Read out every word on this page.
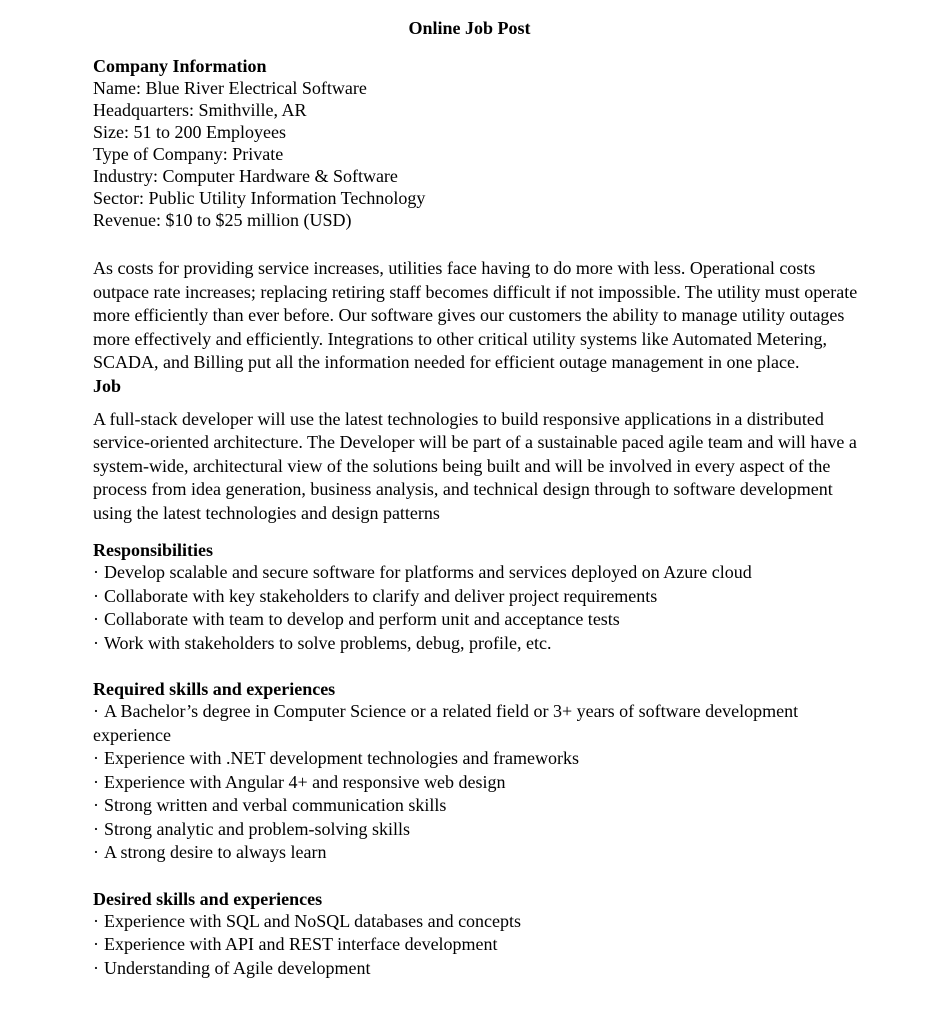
Online Job Post

Company Information

Name: Blue River Electrical Software

Headquarters: Smithville, AR

Size: 51 to 200 Employees

Type of Company: Private

Industry: Computer Hardware & Software

Sector: Public Utility Information Technology

Revenue: $10 to $25 million (USD)

As costs for providing service increases, utilities face having to do more with less. Operational costs outpace rate increases; replacing retiring staff becomes difficult if not impossible. The utility must operate more efficiently than ever before. Our software gives our customers the ability to manage utility outages more effectively and efficiently. Integrations to other critical utility systems like Automated Metering, SCADA, and Billing put all the information needed for efficient outage management in one place.

Job

A full-stack developer will use the latest technologies to build responsive applications in a distributed service-oriented architecture. The Developer will be part of a sustainable paced agile team and will have a system-wide, architectural view of the solutions being built and will be involved in every aspect of the process from idea generation, business analysis, and technical design through to software development using the latest technologies and design patterns

Responsibilities

· Develop scalable and secure software for platforms and services deployed on Azure cloud

· Collaborate with key stakeholders to clarify and deliver project requirements

· Collaborate with team to develop and perform unit and acceptance tests

· Work with stakeholders to solve problems, debug, profile, etc.

Required skills and experiences

· A Bachelor’s degree in Computer Science or a related field or 3+ years of software development experience

· Experience with .NET development technologies and frameworks

· Experience with Angular 4+ and responsive web design

· Strong written and verbal communication skills

· Strong analytic and problem-solving skills

· A strong desire to always learn

Desired skills and experiences

· Experience with SQL and NoSQL databases and concepts

· Experience with API and REST interface development

· Understanding of Agile development
